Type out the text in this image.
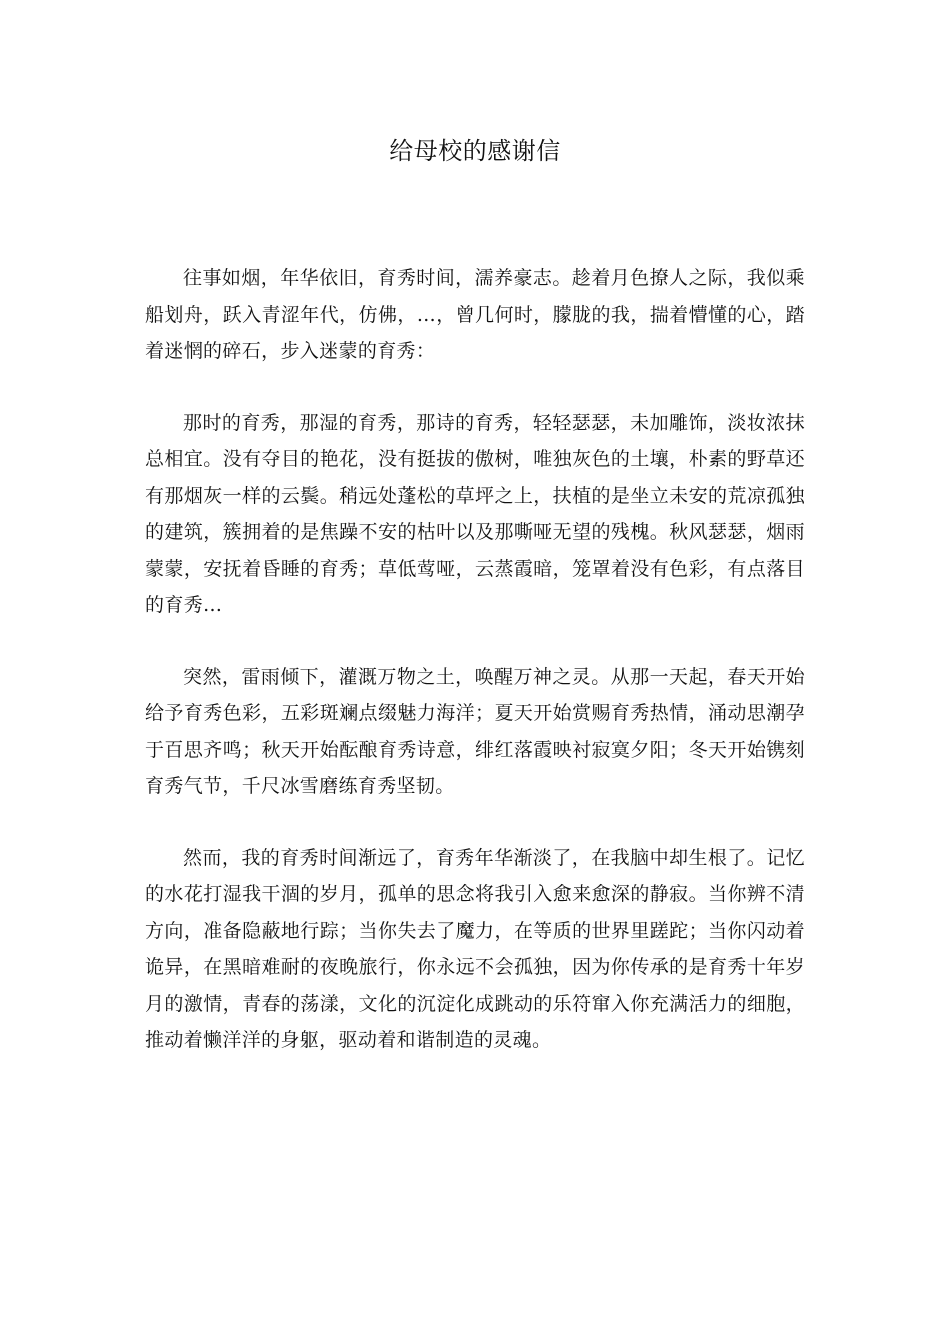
给母校的感谢信

往事如烟，年华依旧，育秀时间，濡养豪志。趁着月色撩人之际，我似乘船划舟，跃入青涩年代，仿佛，…，曾几何时，朦胧的我，揣着懵懂的心，踏着迷惘的碎石，步入迷蒙的育秀：

那时的育秀，那湿的育秀，那诗的育秀，轻轻瑟瑟，未加雕饰，淡妆浓抹总相宜。没有夺目的艳花，没有挺拔的傲树，唯独灰色的土壤，朴素的野草还有那烟灰一样的云鬓。稍远处蓬松的草坪之上，扶植的是坐立未安的荒凉孤独的建筑，簇拥着的是焦躁不安的枯叶以及那嘶哑无望的残槐。秋风瑟瑟，烟雨蒙蒙，安抚着昏睡的育秀；草低莺哑，云蒸霞暗，笼罩着没有色彩，有点落目的育秀…

突然，雷雨倾下，灌溉万物之土，唤醒万神之灵。从那一天起，春天开始给予育秀色彩，五彩斑斓点缀魅力海洋；夏天开始赏赐育秀热情，涌动思潮孕于百思齐鸣；秋天开始酝酿育秀诗意，绯红落霞映衬寂寞夕阳；冬天开始镌刻育秀气节，千尺冰雪磨练育秀坚韧。

然而，我的育秀时间渐远了，育秀年华渐淡了，在我脑中却生根了。记忆的水花打湿我干涸的岁月，孤单的思念将我引入愈来愈深的静寂。当你辨不清方向，准备隐蔽地行踪；当你失去了魔力，在等质的世界里蹉跎；当你闪动着诡异，在黑暗难耐的夜晚旅行，你永远不会孤独，因为你传承的是育秀十年岁月的激情，青春的荡漾，文化的沉淀化成跳动的乐符窜入你充满活力的细胞，推动着懒洋洋的身躯，驱动着和谐制造的灵魂。
